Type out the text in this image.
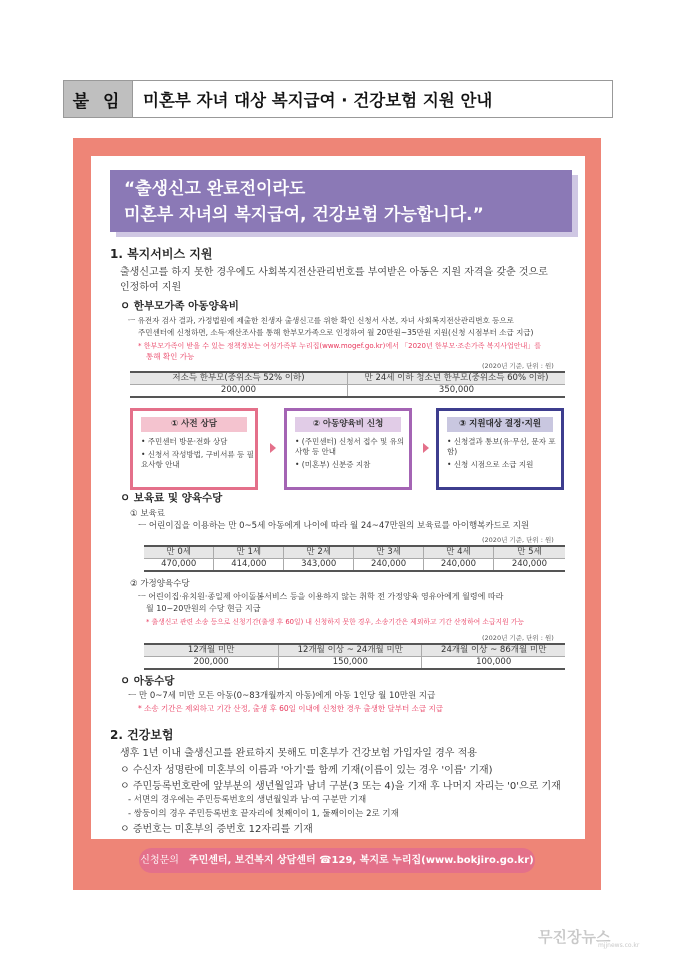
붙 임	미혼부 자녀 대상 복지급여 · 건강보험 지원 안내
“출생신고 완료전이라도
미혼부 자녀의 복지급여, 건강보험 가능합니다.”
1. 복지서비스 지원
출생신고를 하지 못한 경우에도 사회복지전산관리번호를 부여받은 아동은 지원 자격을 갖춘 것으로
인정하여 지원
ㅇ 한부모가족 아동양육비
ㅡ 유전자 검사 결과, 가정법원에 제출한 친생자 출생신고를 위한 확인 신청서 사본, 자녀 사회복지전산관리번호 등으로
주민센터에 신청하면, 소득·재산조사를 통해 한부모가족으로 인정하여 월 20만원~35만원 지원(신청 시점부터 소급 지급)
* 한부모가족이 받을 수 있는 정책정보는 여성가족부 누리집(www.mogef.go.kr)에서 「2020년 한부모·조손가족 복지사업안내」를
통해 확인 가능
(2020년 기준, 단위 : 원)
저소득 한부모(중위소득 52% 이하)	만 24세 이하 청소년 한부모(중위소득 60% 이하)
200,000	350,000
① 사전 상담
• 주민센터 방문·전화 상담
• 신청서 작성방법, 구비서류 등 필요사항 안내
② 아동양육비 신청
• (주민센터) 신청서 접수 및 유의사항 등 안내
• (미혼부) 신분증 지참
③ 지원대상 결정·지원
• 신청결과 통보(유·무선, 문자 포함)
• 신청 시점으로 소급 지원
ㅇ 보육료 및 양육수당
① 보육료
ㅡ 어린이집을 이용하는 만 0~5세 아동에게 나이에 따라 월 24~47만원의 보육료를 아이행복카드로 지원
(2020년 기준, 단위 : 원)
만 0세	만 1세	만 2세	만 3세	만 4세	만 5세
470,000	414,000	343,000	240,000	240,000	240,000
② 가정양육수당
ㅡ 어린이집·유치원·종일제 아이돌봄서비스 등을 이용하지 않는 취학 전 가정양육 영유아에게 월령에 따라
월 10~20만원의 수당 현금 지급
* 출생신고 관련 소송 등으로 신청기간(출생 후 60일) 내 신청하지 못한 경우, 소송기간은 제외하고 기간 산정하여 소급지원 가능
(2020년 기준, 단위 : 원)
12개월 미만	12개월 이상 ~ 24개월 미만	24개월 이상 ~ 86개월 미만
200,000	150,000	100,000
ㅇ 아동수당
ㅡ 만 0~7세 미만 모든 아동(0~83개월까지 아동)에게 아동 1인당 월 10만원 지급
* 소송 기간은 제외하고 기간 산정, 출생 후 60일 이내에 신청한 경우 출생한 달부터 소급 지급
2. 건강보험
생후 1년 이내 출생신고를 완료하지 못해도 미혼부가 건강보험 가입자일 경우 적용
ㅇ 수신자 성명란에 미혼부의 이름과 '아기'를 함께 기재(이름이 있는 경우 '이름' 기재)
ㅇ 주민등록번호란에 앞부분의 생년월일과 남녀 구분(3 또는 4)을 기재 후 나머지 자리는 '0'으로 기재
- 서면의 경우에는 주민등록번호의 생년월일과 남·여 구분만 기재
- 쌍둥이의 경우 주민등록번호 끝자리에 첫째이이 1, 둘째이이는 2로 기재
ㅇ 증번호는 미혼부의 증번호 12자리를 기재
신청문의 주민센터, 보건복지 상담센터 ☎129, 복지로 누리집(www.bokjiro.go.kr)
무진장뉴스
mjjnews.co.kr
